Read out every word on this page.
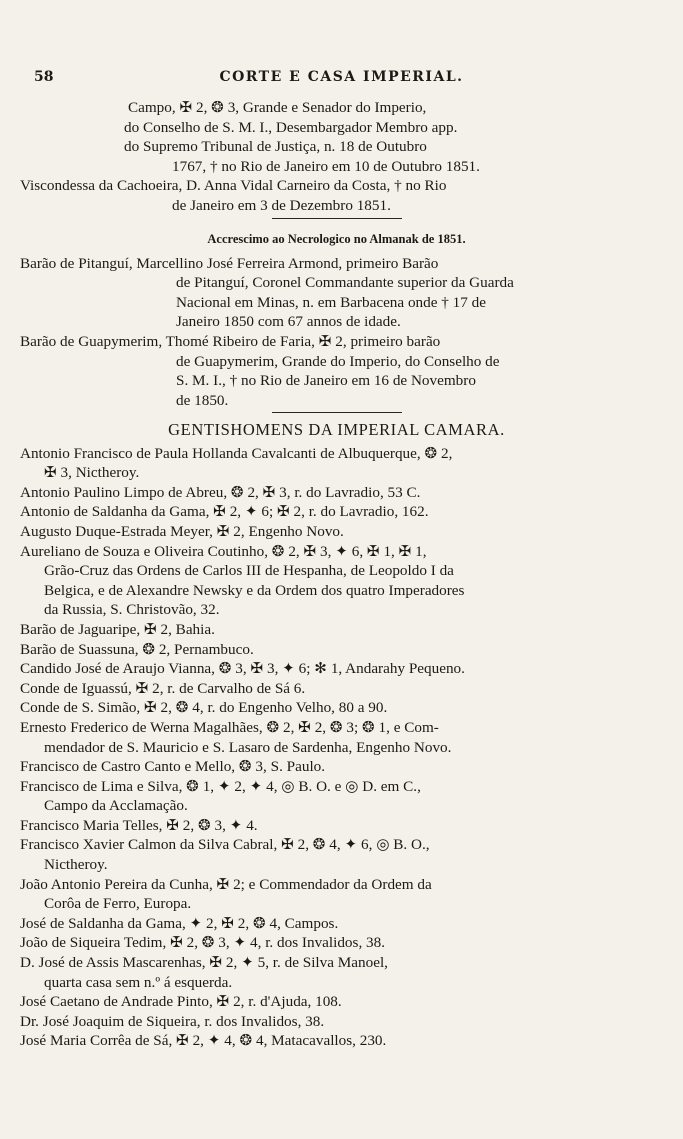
58	CORTE E CASA IMPERIAL.
Campo, ✠ 2, ❂ 3, Grande e Senador do Imperio,
do Conselho de S. M. I., Desembargador Membro app.
do Supremo Tribunal de Justiça, n. 18 de Outubro
1767, † no Rio de Janeiro em 10 de Outubro 1851.
Viscondessa da Cachoeira, D. Anna Vidal Carneiro da Costa, † no Rio
de Janeiro em 3 de Dezembro 1851.
Accrescimo ao Necrologico no Almanak de 1851.
Barão de Pitanguí, Marcellino José Ferreira Armond, primeiro Barão
de Pitanguí, Coronel Commandante superior da Guarda
Nacional em Minas, n. em Barbacena onde † 17 de
Janeiro 1850 com 67 annos de idade.
Barão de Guapymerim, Thomé Ribeiro de Faria, ✠ 2, primeiro barão
de Guapymerim, Grande do Imperio, do Conselho de
S. M. I., † no Rio de Janeiro em 16 de Novembro
de 1850.
GENTISHOMENS DA IMPERIAL CAMARA.
Antonio Francisco de Paula Hollanda Cavalcanti de Albuquerque, ❂ 2,
✠ 3, Nictheroy.
Antonio Paulino Limpo de Abreu, ❂ 2, ✠ 3, r. do Lavradio, 53 C.
Antonio de Saldanha da Gama, ✠ 2, ✦ 6; ✠ 2, r. do Lavradio, 162.
Augusto Duque-Estrada Meyer, ✠ 2, Engenho Novo.
Aureliano de Souza e Oliveira Coutinho, ❂ 2, ✠ 3, ✦ 6, ✠ 1, ✠ 1,
Grão-Cruz das Ordens de Carlos III de Hespanha, de Leopoldo I da
Belgica, e de Alexandre Newsky e da Ordem dos quatro Imperadores
da Russia, S. Christovão, 32.
Barão de Jaguaripe, ✠ 2, Bahia.
Barão de Suassuna, ❂ 2, Pernambuco.
Candido José de Araujo Vianna, ❂ 3, ✠ 3, ✦ 6; ✻ 1, Andarahy Pequeno.
Conde de Iguassú, ✠ 2, r. de Carvalho de Sá 6.
Conde de S. Simão, ✠ 2, ❂ 4, r. do Engenho Velho, 80 a 90.
Ernesto Frederico de Werna Magalhães, ❂ 2, ✠ 2, ❂ 3; ❂ 1, e Com-
mendador de S. Mauricio e S. Lasaro de Sardenha, Engenho Novo.
Francisco de Castro Canto e Mello, ❂ 3, S. Paulo.
Francisco de Lima e Silva, ❂ 1, ✦ 2, ✦ 4, ◎ B. O. e ◎ D. em C.,
Campo da Acclamação.
Francisco Maria Telles, ✠ 2, ❂ 3, ✦ 4.
Francisco Xavier Calmon da Silva Cabral, ✠ 2, ❂ 4, ✦ 6, ◎ B. O.,
Nictheroy.
João Antonio Pereira da Cunha, ✠ 2; e Commendador da Ordem da
Corôa de Ferro, Europa.
José de Saldanha da Gama, ✦ 2, ✠ 2, ❂ 4, Campos.
João de Siqueira Tedim, ✠ 2, ❂ 3, ✦ 4, r. dos Invalidos, 38.
D. José de Assis Mascarenhas, ✠ 2, ✦ 5, r. de Silva Manoel,
quarta casa sem n.º á esquerda.
José Caetano de Andrade Pinto, ✠ 2, r. d'Ajuda, 108.
Dr. José Joaquim de Siqueira, r. dos Invalidos, 38.
José Maria Corrêa de Sá, ✠ 2, ✦ 4, ❂ 4, Matacavallos, 230.
